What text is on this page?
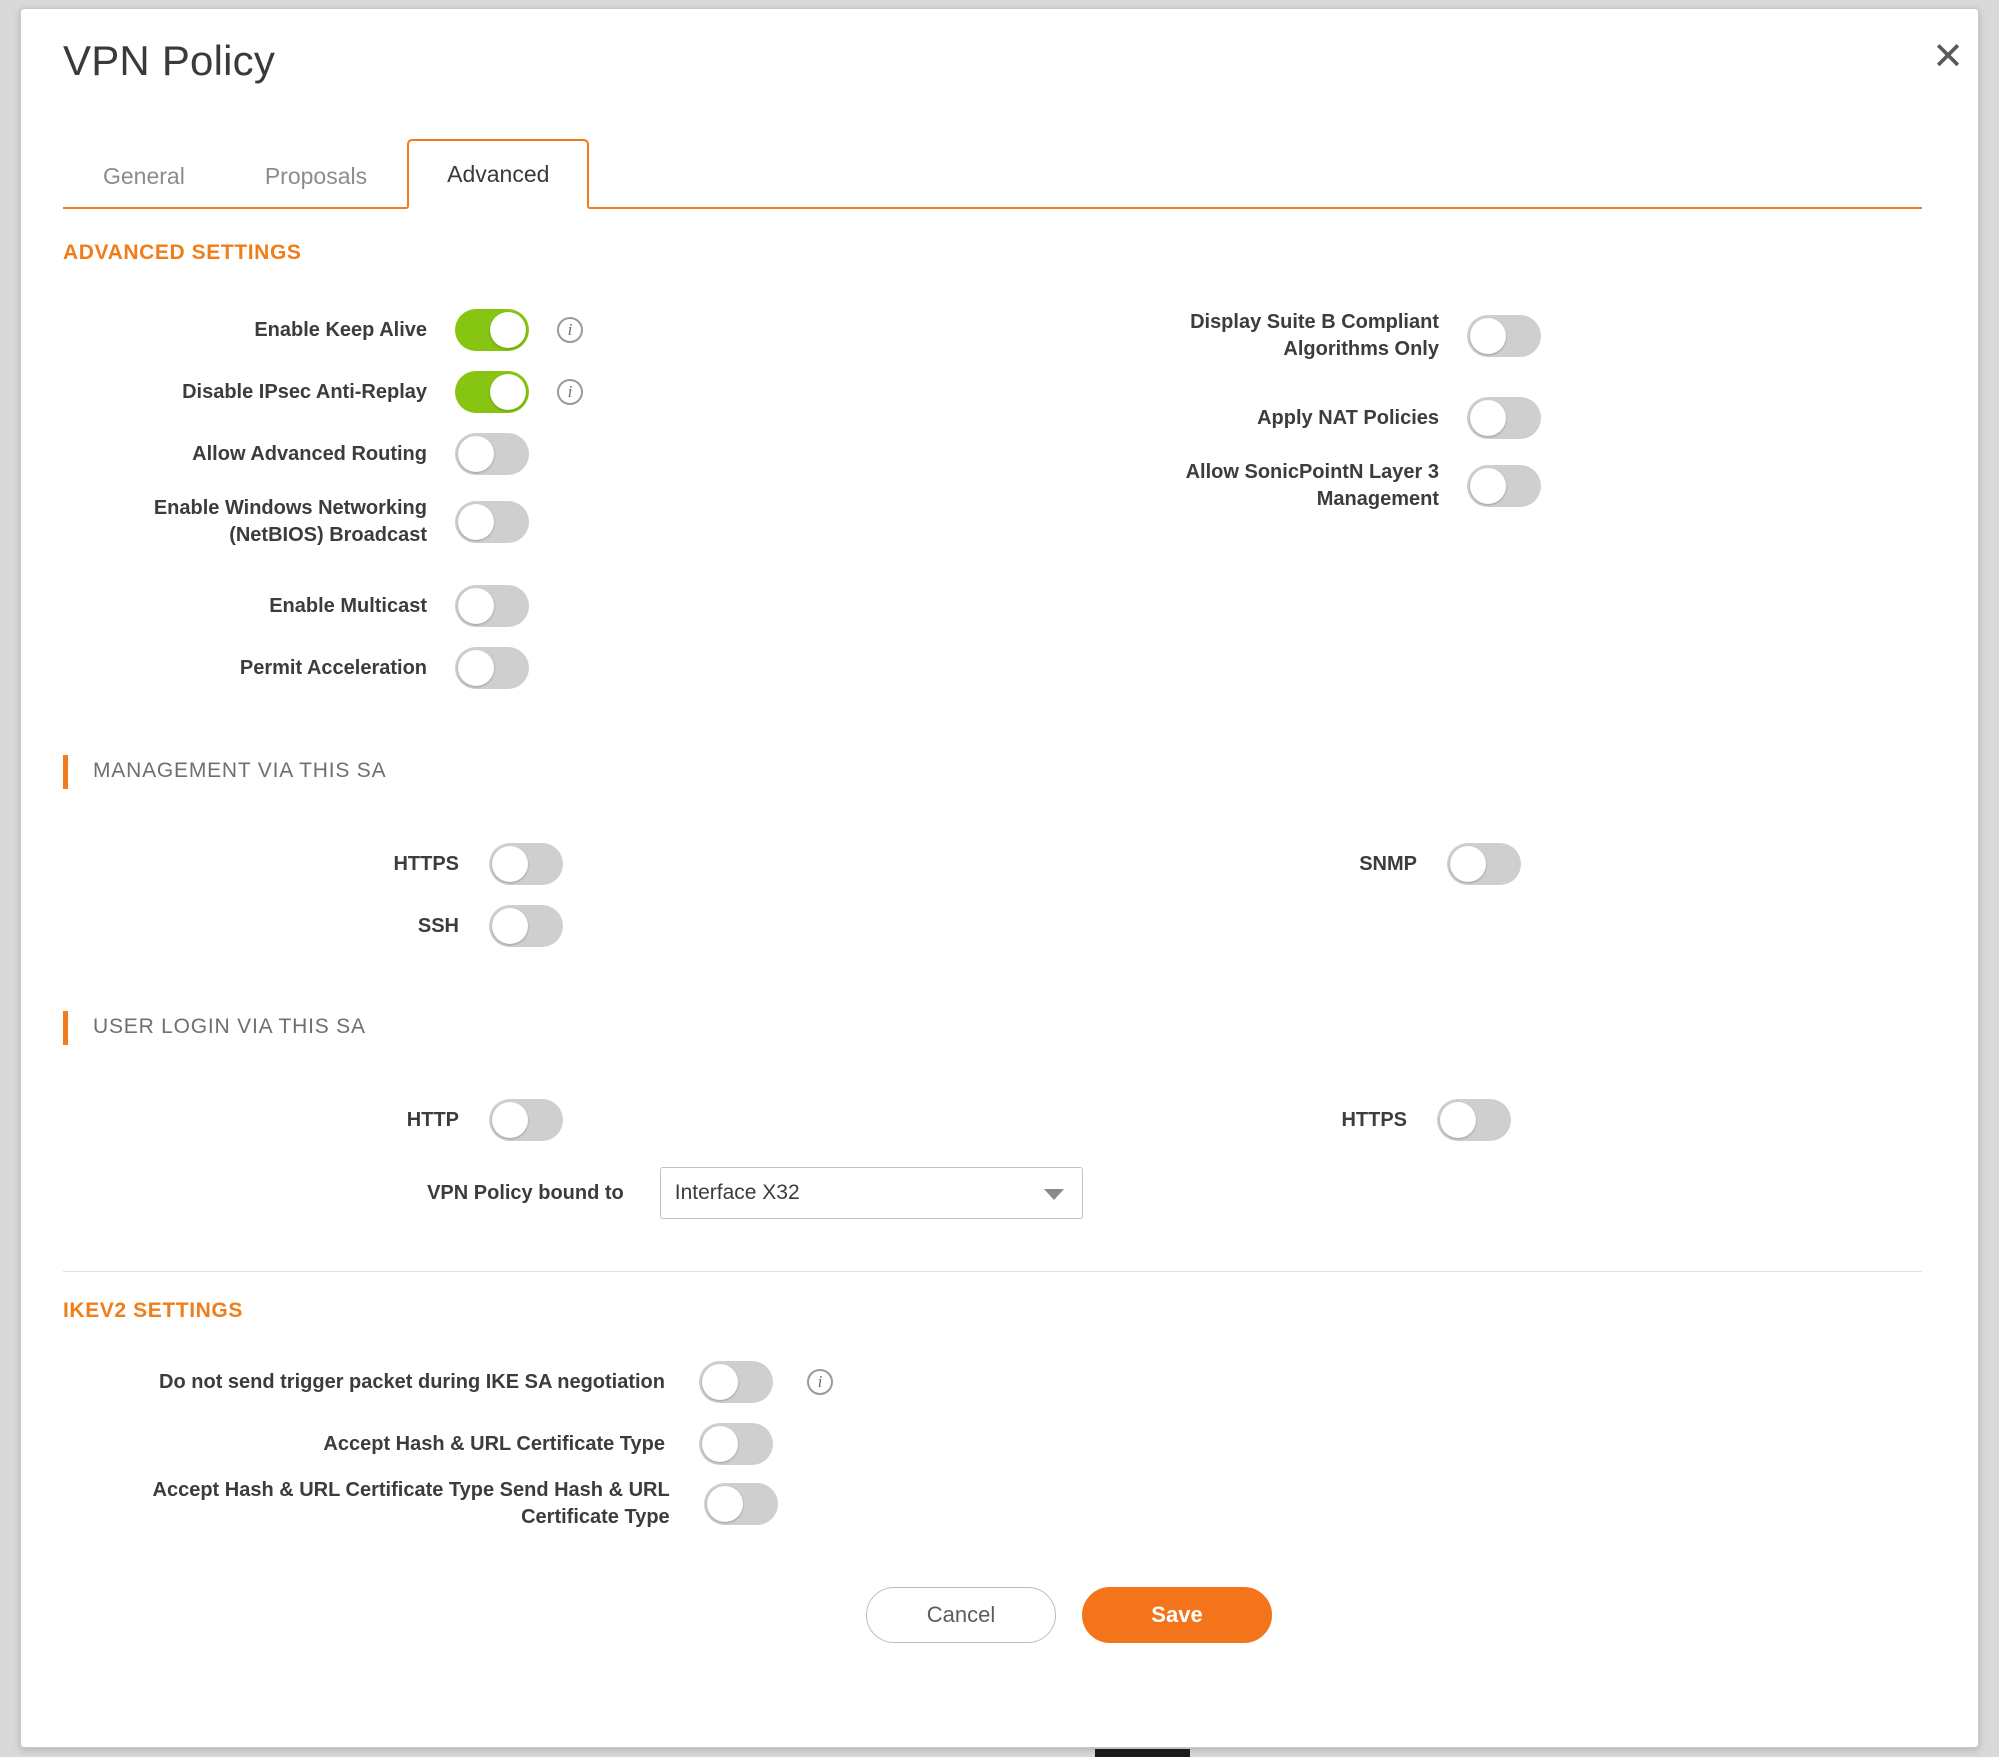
✕
VPN Policy
General	Proposals	Advanced
ADVANCED SETTINGS
Enable Keep Alive	i
Disable IPsec Anti-Replay	i
Allow Advanced Routing
Enable Windows Networking (NetBIOS) Broadcast
Enable Multicast
Permit Acceleration
Display Suite B Compliant Algorithms Only
Apply NAT Policies
Allow SonicPointN Layer 3 Management
MANAGEMENT VIA THIS SA
HTTPS
SSH
SNMP
USER LOGIN VIA THIS SA
HTTP	HTTPS
VPN Policy bound to Interface X32
IKEV2 SETTINGS
Do not send trigger packet during IKE SA negotiation	i
Accept Hash & URL Certificate Type
Accept Hash & URL Certificate Type Send Hash & URL Certificate Type
Cancel	Save
